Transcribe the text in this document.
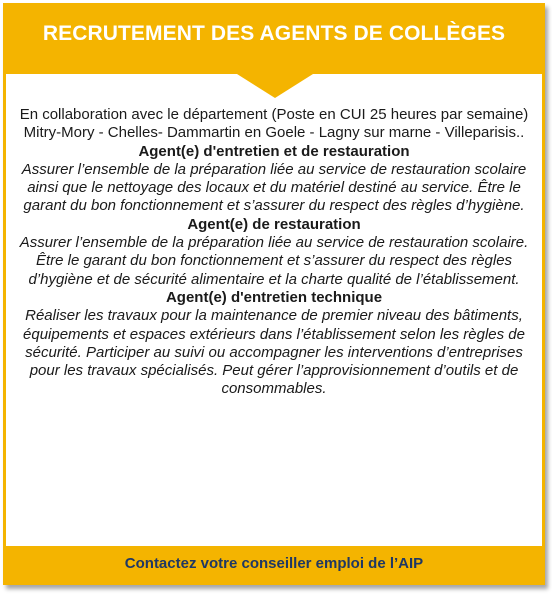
RECRUTEMENT DES AGENTS DE COLLÈGES

En collaboration avec le département (Poste en CUI 25 heures par semaine) Mitry-Mory - Chelles- Dammartin en Goele - Lagny sur marne - Villeparisis..

Agent(e) d'entretien et de restauration

Assurer l’ensemble de la préparation liée au service de restauration scolaire ainsi que le nettoyage des locaux et du matériel destiné au service. Être le garant du bon fonctionnement et s’assurer du respect des règles d’hygiène.

Agent(e) de restauration

Assurer l’ensemble de la préparation liée au service de restauration scolaire. Être le garant du bon fonctionnement et s’assurer du respect des règles d’hygiène et de sécurité alimentaire et la charte qualité de l’établissement.

Agent(e) d'entretien technique

Réaliser les travaux pour la maintenance de premier niveau des bâtiments, équipements et espaces extérieurs dans l’établissement selon les règles de sécurité. Participer au suivi ou accompagner les interventions d’entreprises pour les travaux spécialisés. Peut gérer l’approvisionnement d’outils et de consommables.

Contactez votre conseiller emploi de l’AIP
